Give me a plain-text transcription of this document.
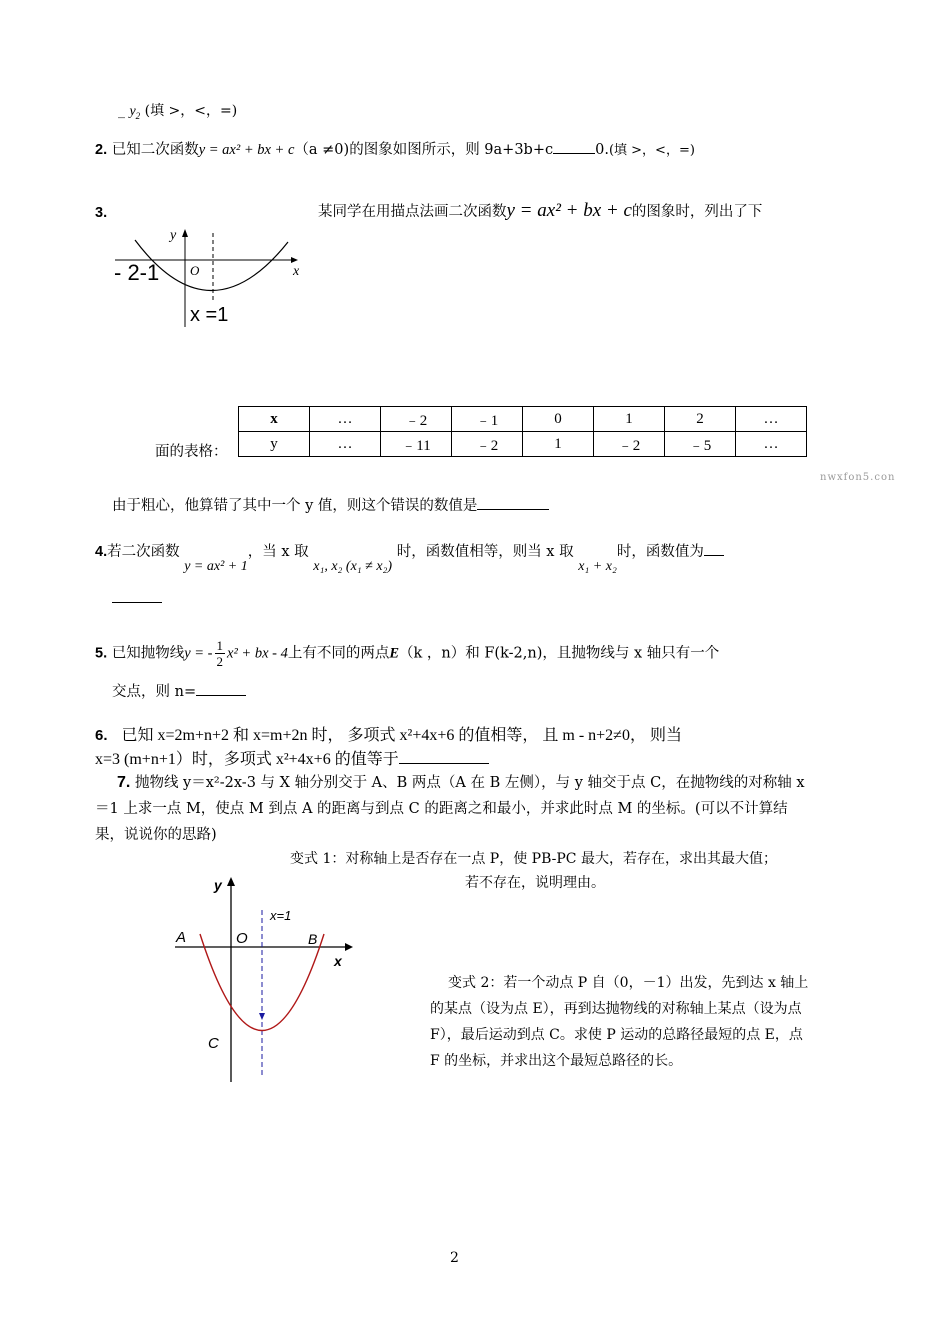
_ $y_2$ (填 >，<，=)
2. 已知二次函数y = ax² + bx + c（a ≠0)的图象如图所示，则 9a+3b+c	0.(填 >，<，=)
3.	某同学在用描点法画二次函数y = ax² + bx + c的图象时，列出了下
y
x
O
- 2-1
x =1
面的表格：
x	…	﹣2	﹣1	0	1	2	…
y	…	﹣11	﹣2	1	﹣2	﹣5	…
nwxfon5.con
由于粗心，他算错了其中一个 y 值，则这个错误的数值是
4.若二次函数 y = ax² + 1，当 x 取 x₁, x₂ (x₁ ≠ x₂) 时，函数值相等，则当 x 取 x₁ + x₂时，函数值为
5. 已知抛物线y = - $\frac{1}{2} x^2$ + bx - 4上有不同的两点E（k ，n）和 F(k-2,n)，且抛物线与 x 轴只有一个
交点，则 n=
6. 已知 x=2m+n+2 和 x=m+2n 时， 多项式 x²+4x+6 的值相等， 且 m - n+2≠0， 则当
x=3 (m+n+1）时，多项式 x²+4x+6 的值等于
7. 抛物线 y＝x²-2x-3 与 X 轴分别交于 A、B 两点（A 在 B 左侧），与 y 轴交于点 C，在抛物线的对称轴 x＝1 上求一点 M，使点 M 到点 A 的距离与到点 C 的距离之和最小，并求此时点 M 的坐标。(可以不计算结果，说说你的思路)
变式 1：对称轴上是否存在一点 P，使 PB-PC 最大，若存在，求出其最大值；
若不存在，说明理由。
y
x
O
A	B
C
x=1
变式 2：若一个动点 P 自（0，－1）出发，先到达 x 轴上的某点（设为点 E），再到达抛物线的对称轴上某点（设为点 F），最后运动到点 C。求使 P 运动的总路径最短的点 E，点 F 的坐标，并求出这个最短总路径的长。
2
